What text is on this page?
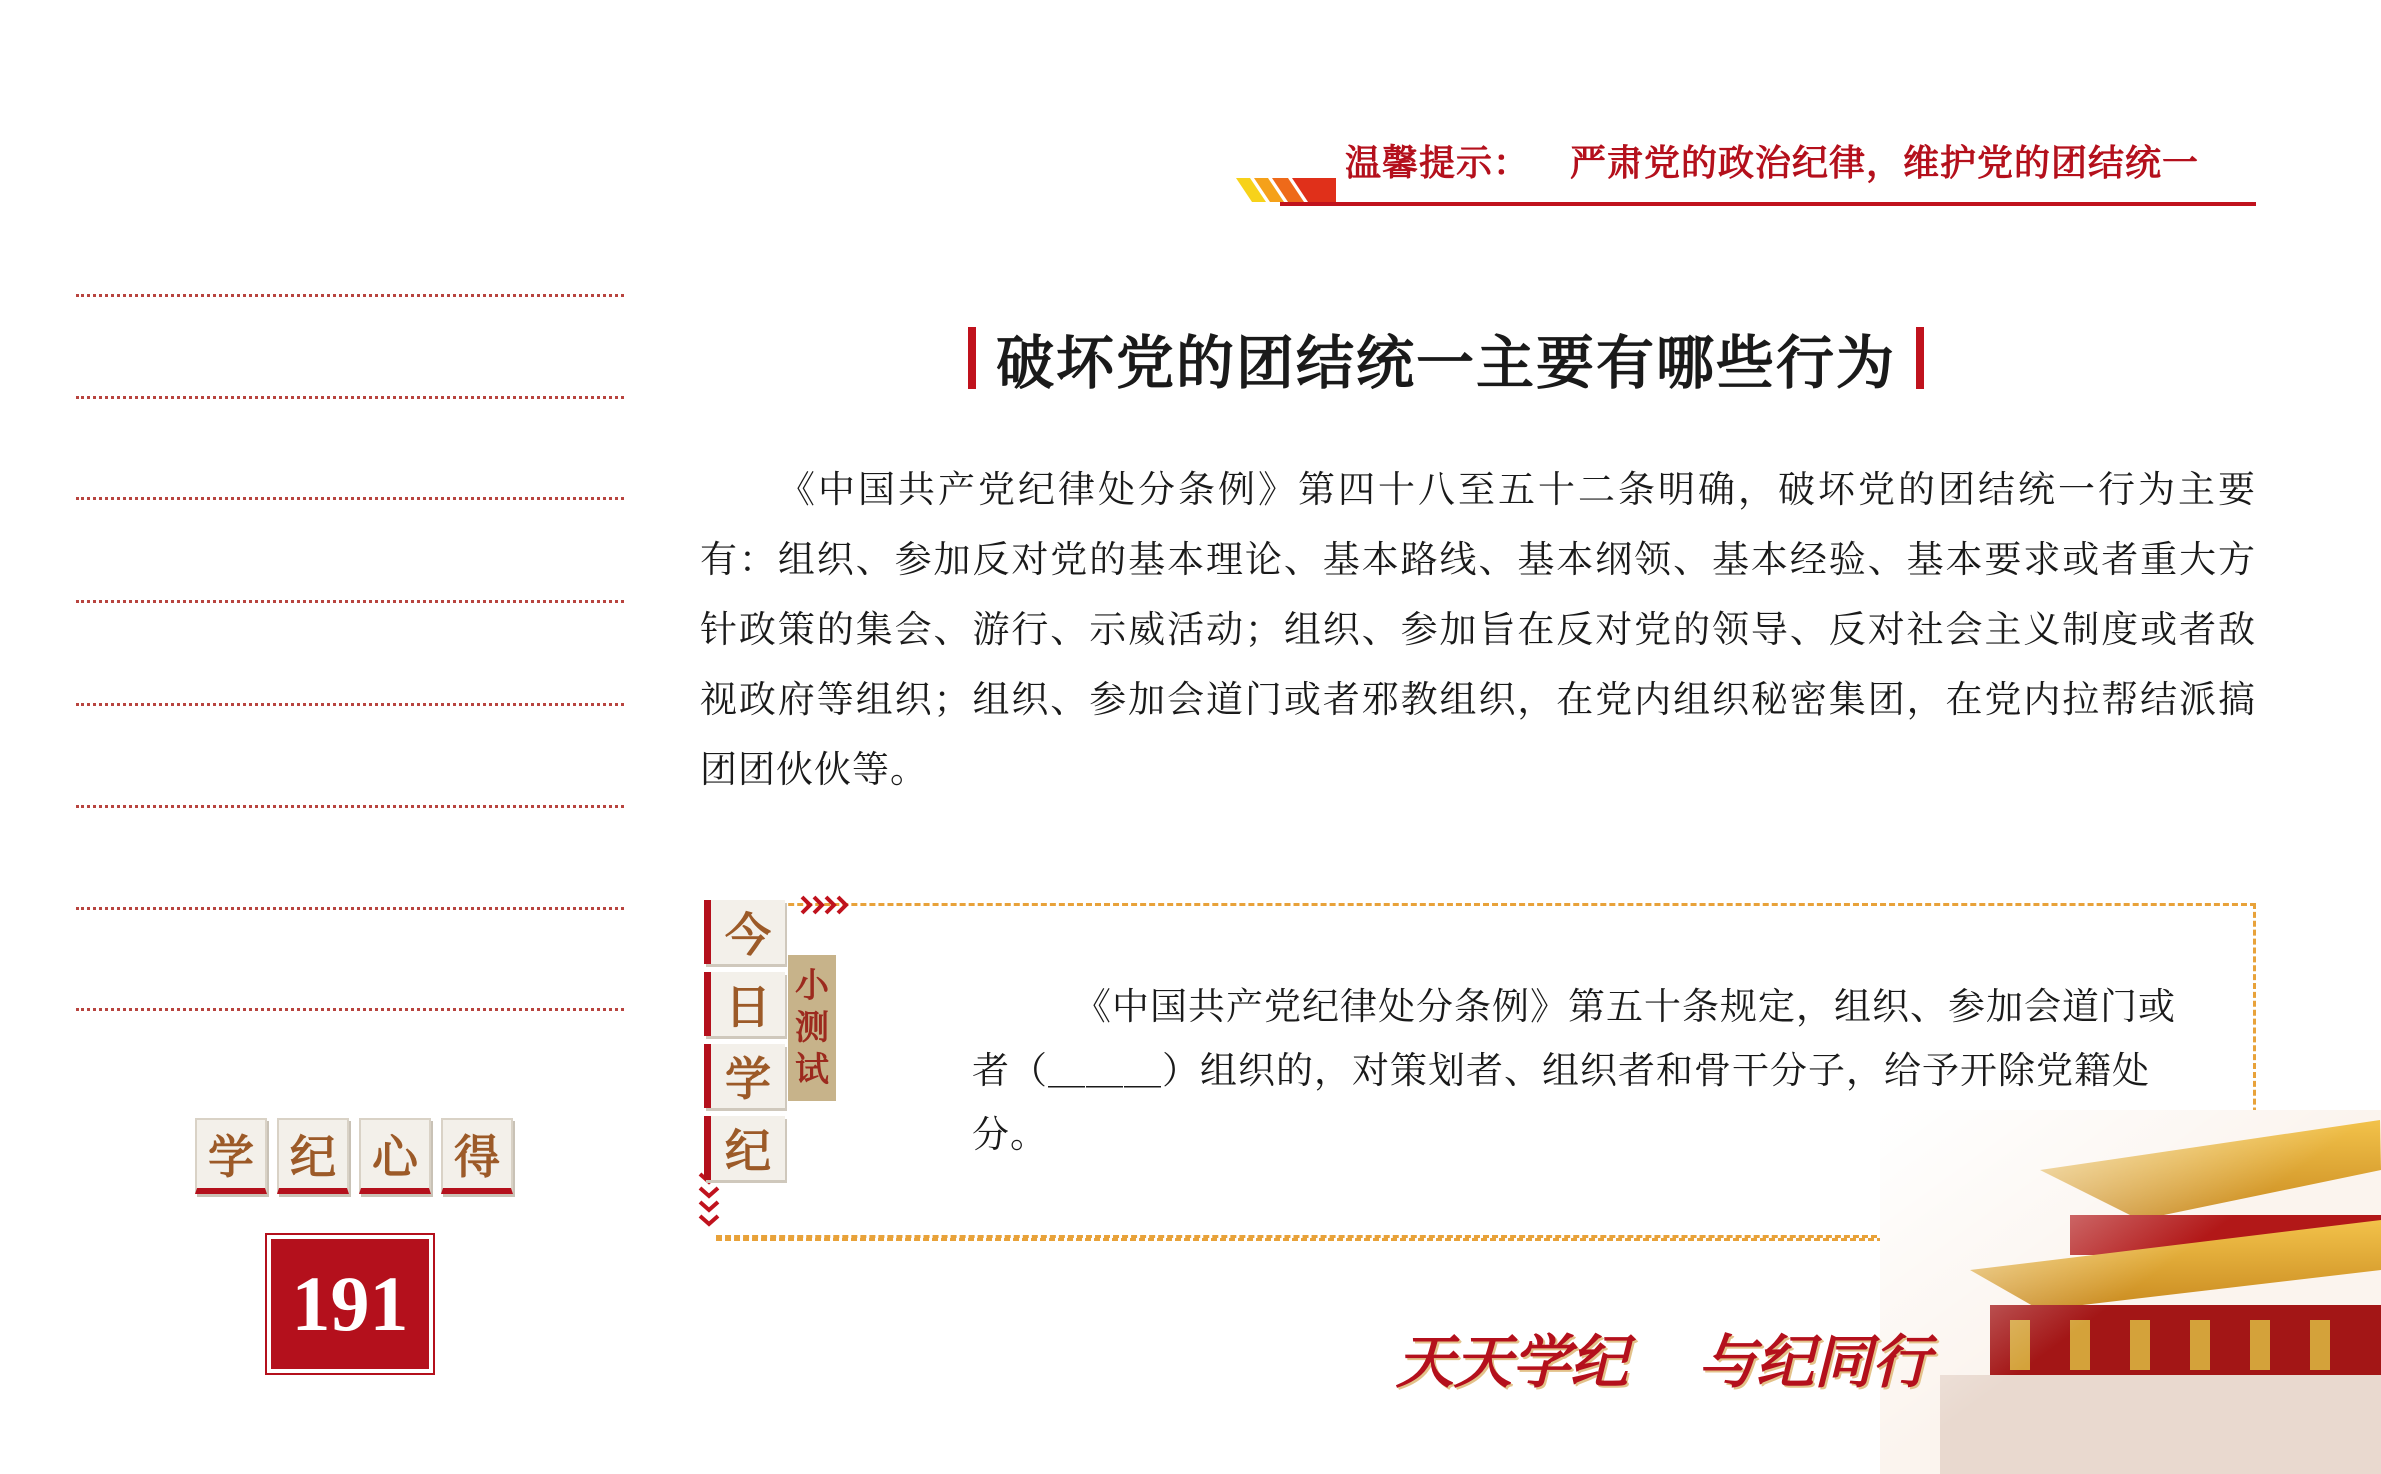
温馨提示： 严肃党的政治纪律，维护党的团结统一
学 纪 心 得
191
破坏党的团结统一主要有哪些行为

《中国共产党纪律处分条例》第四十八至五十二条明确，破坏党的团结统一行为主要有：组织、参加反对党的基本理论、基本路线、基本纲领、基本经验、基本要求或者重大方针政策的集会、游行、示威活动；组织、参加旨在反对党的领导、反对社会主义制度或者敌视政府等组织；组织、参加会道门或者邪教组织，在党内组织秘密集团，在党内拉帮结派搞团团伙伙等。

今
日
学
纪
小
测
试

《中国共产党纪律处分条例》第五十条规定，组织、参加会道门或者（＿＿＿）组织的，对策划者、组织者和骨干分子，给予开除党籍处分。

天天学纪 与纪同行
